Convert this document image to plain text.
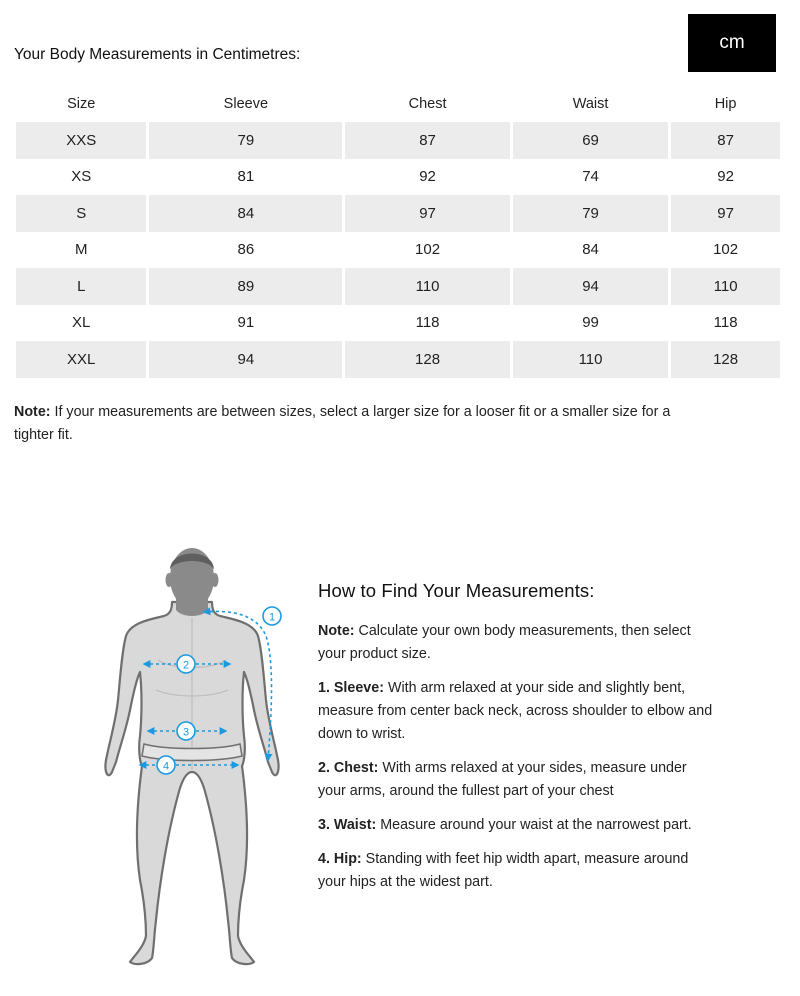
Your Body Measurements in Centimetres:
cm
Size	Sleeve	Chest	Waist	Hip
XXS	79	87	69	87
XS	81	92	74	92
S	84	97	79	97
M	86	102	84	102
L	89	110	94	110
XL	91	118	99	118
XXL	94	128	110	128

Note: If your measurements are between sizes, select a larger size for a looser fit or a smaller size for a tighter fit.

1
2
3
4
How to Find Your Measurements:

Note: Calculate your own body measurements, then select your product size.

1. Sleeve: With arm relaxed at your side and slightly bent, measure from center back neck, across shoulder to elbow and down to wrist.

2. Chest: With arms relaxed at your sides, measure under your arms, around the fullest part of your chest

3. Waist: Measure around your waist at the narrowest part.

4. Hip: Standing with feet hip width apart, measure around your hips at the widest part.
